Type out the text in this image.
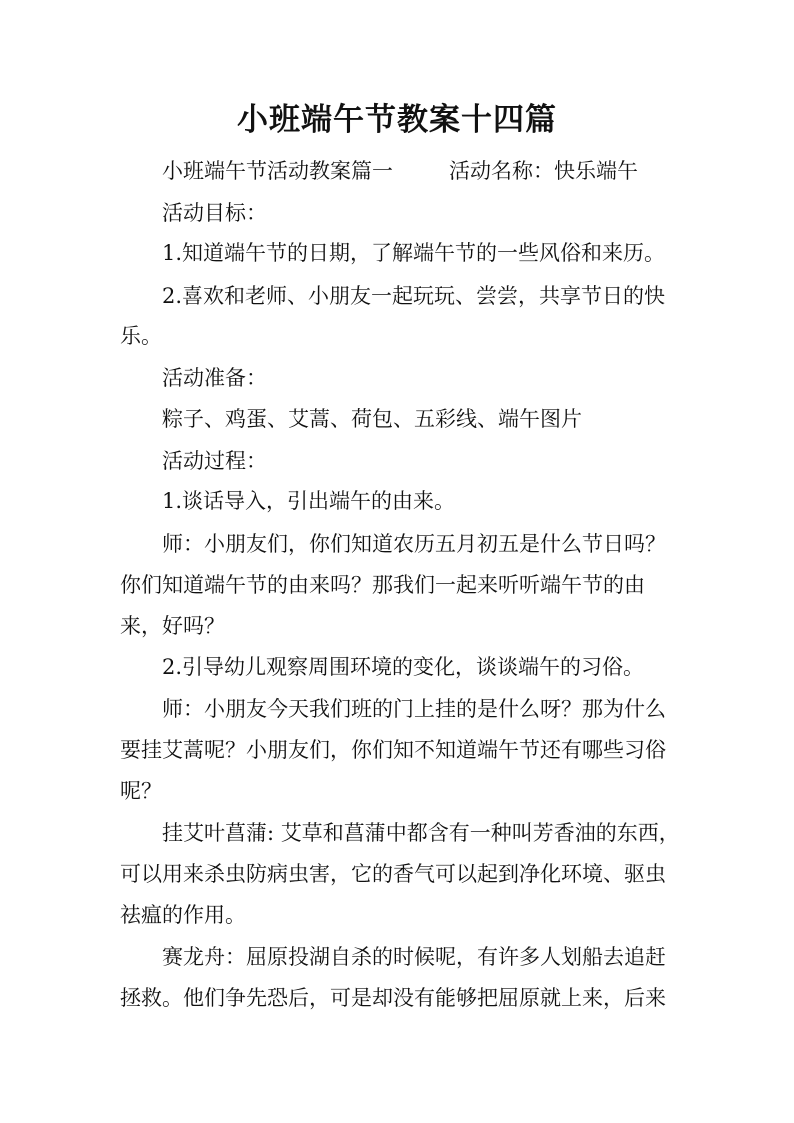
小班端午节教案十四篇

小班端午节活动教案篇一	活动名称：快乐端午

活动目标：

1.知道端午节的日期，了解端午节的一些风俗和来历。

2.喜欢和老师、小朋友一起玩玩、尝尝，共享节日的快

乐。

活动准备：

粽子、鸡蛋、艾蒿、荷包、五彩线、端午图片

活动过程：

1.谈话导入，引出端午的由来。

师：小朋友们，你们知道农历五月初五是什么节日吗？

你们知道端午节的由来吗？那我们一起来听听端午节的由

来，好吗？

2.引导幼儿观察周围环境的变化，谈谈端午的习俗。

师：小朋友今天我们班的门上挂的是什么呀？那为什么

要挂艾蒿呢？小朋友们，你们知不知道端午节还有哪些习俗

呢？

挂艾叶菖蒲: 艾草和菖蒲中都含有一种叫芳香油的东西，

可以用来杀虫防病虫害，它的香气可以起到净化环境、驱虫

祛瘟的作用。

赛龙舟：屈原投湖自杀的时候呢，有许多人划船去追赶

拯救。他们争先恐后，可是却没有能够把屈原就上来，后来
